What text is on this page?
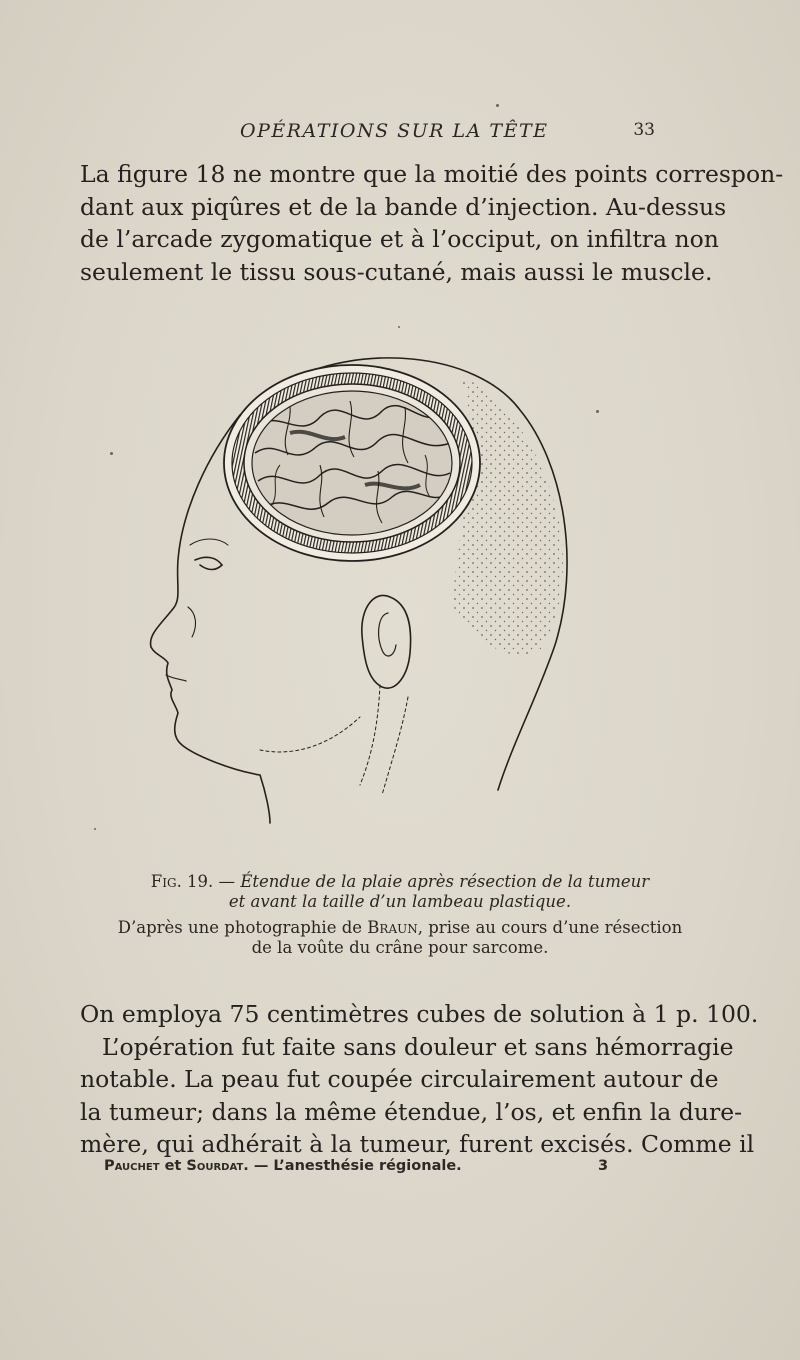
OPÉRATIONS SUR LA TÊTE	33
La figure 18 ne montre que la moitié des points correspon-
dant aux piqûres et de la bande d’injection. Au-dessus
de l’arcade zygomatique et à l’occiput, on infiltra non
seulement le tissu sous-cutané, mais aussi le muscle.
Fig. 19. — Étendue de la plaie après résection de la tumeur
et avant la taille d’un lambeau plastique.
D’après une photographie de Braun, prise au cours d’une résection
de la voûte du crâne pour sarcome.
On employa 75 centimètres cubes de solution à 1 p. 100.
L’opération fut faite sans douleur et sans hémorragie
notable. La peau fut coupée circulairement autour de
la tumeur; dans la même étendue, l’os, et enfin la dure-
mère, qui adhérait à la tumeur, furent excisés. Comme il
Pauchet et Sourdat. — L’anesthésie régionale.	3
